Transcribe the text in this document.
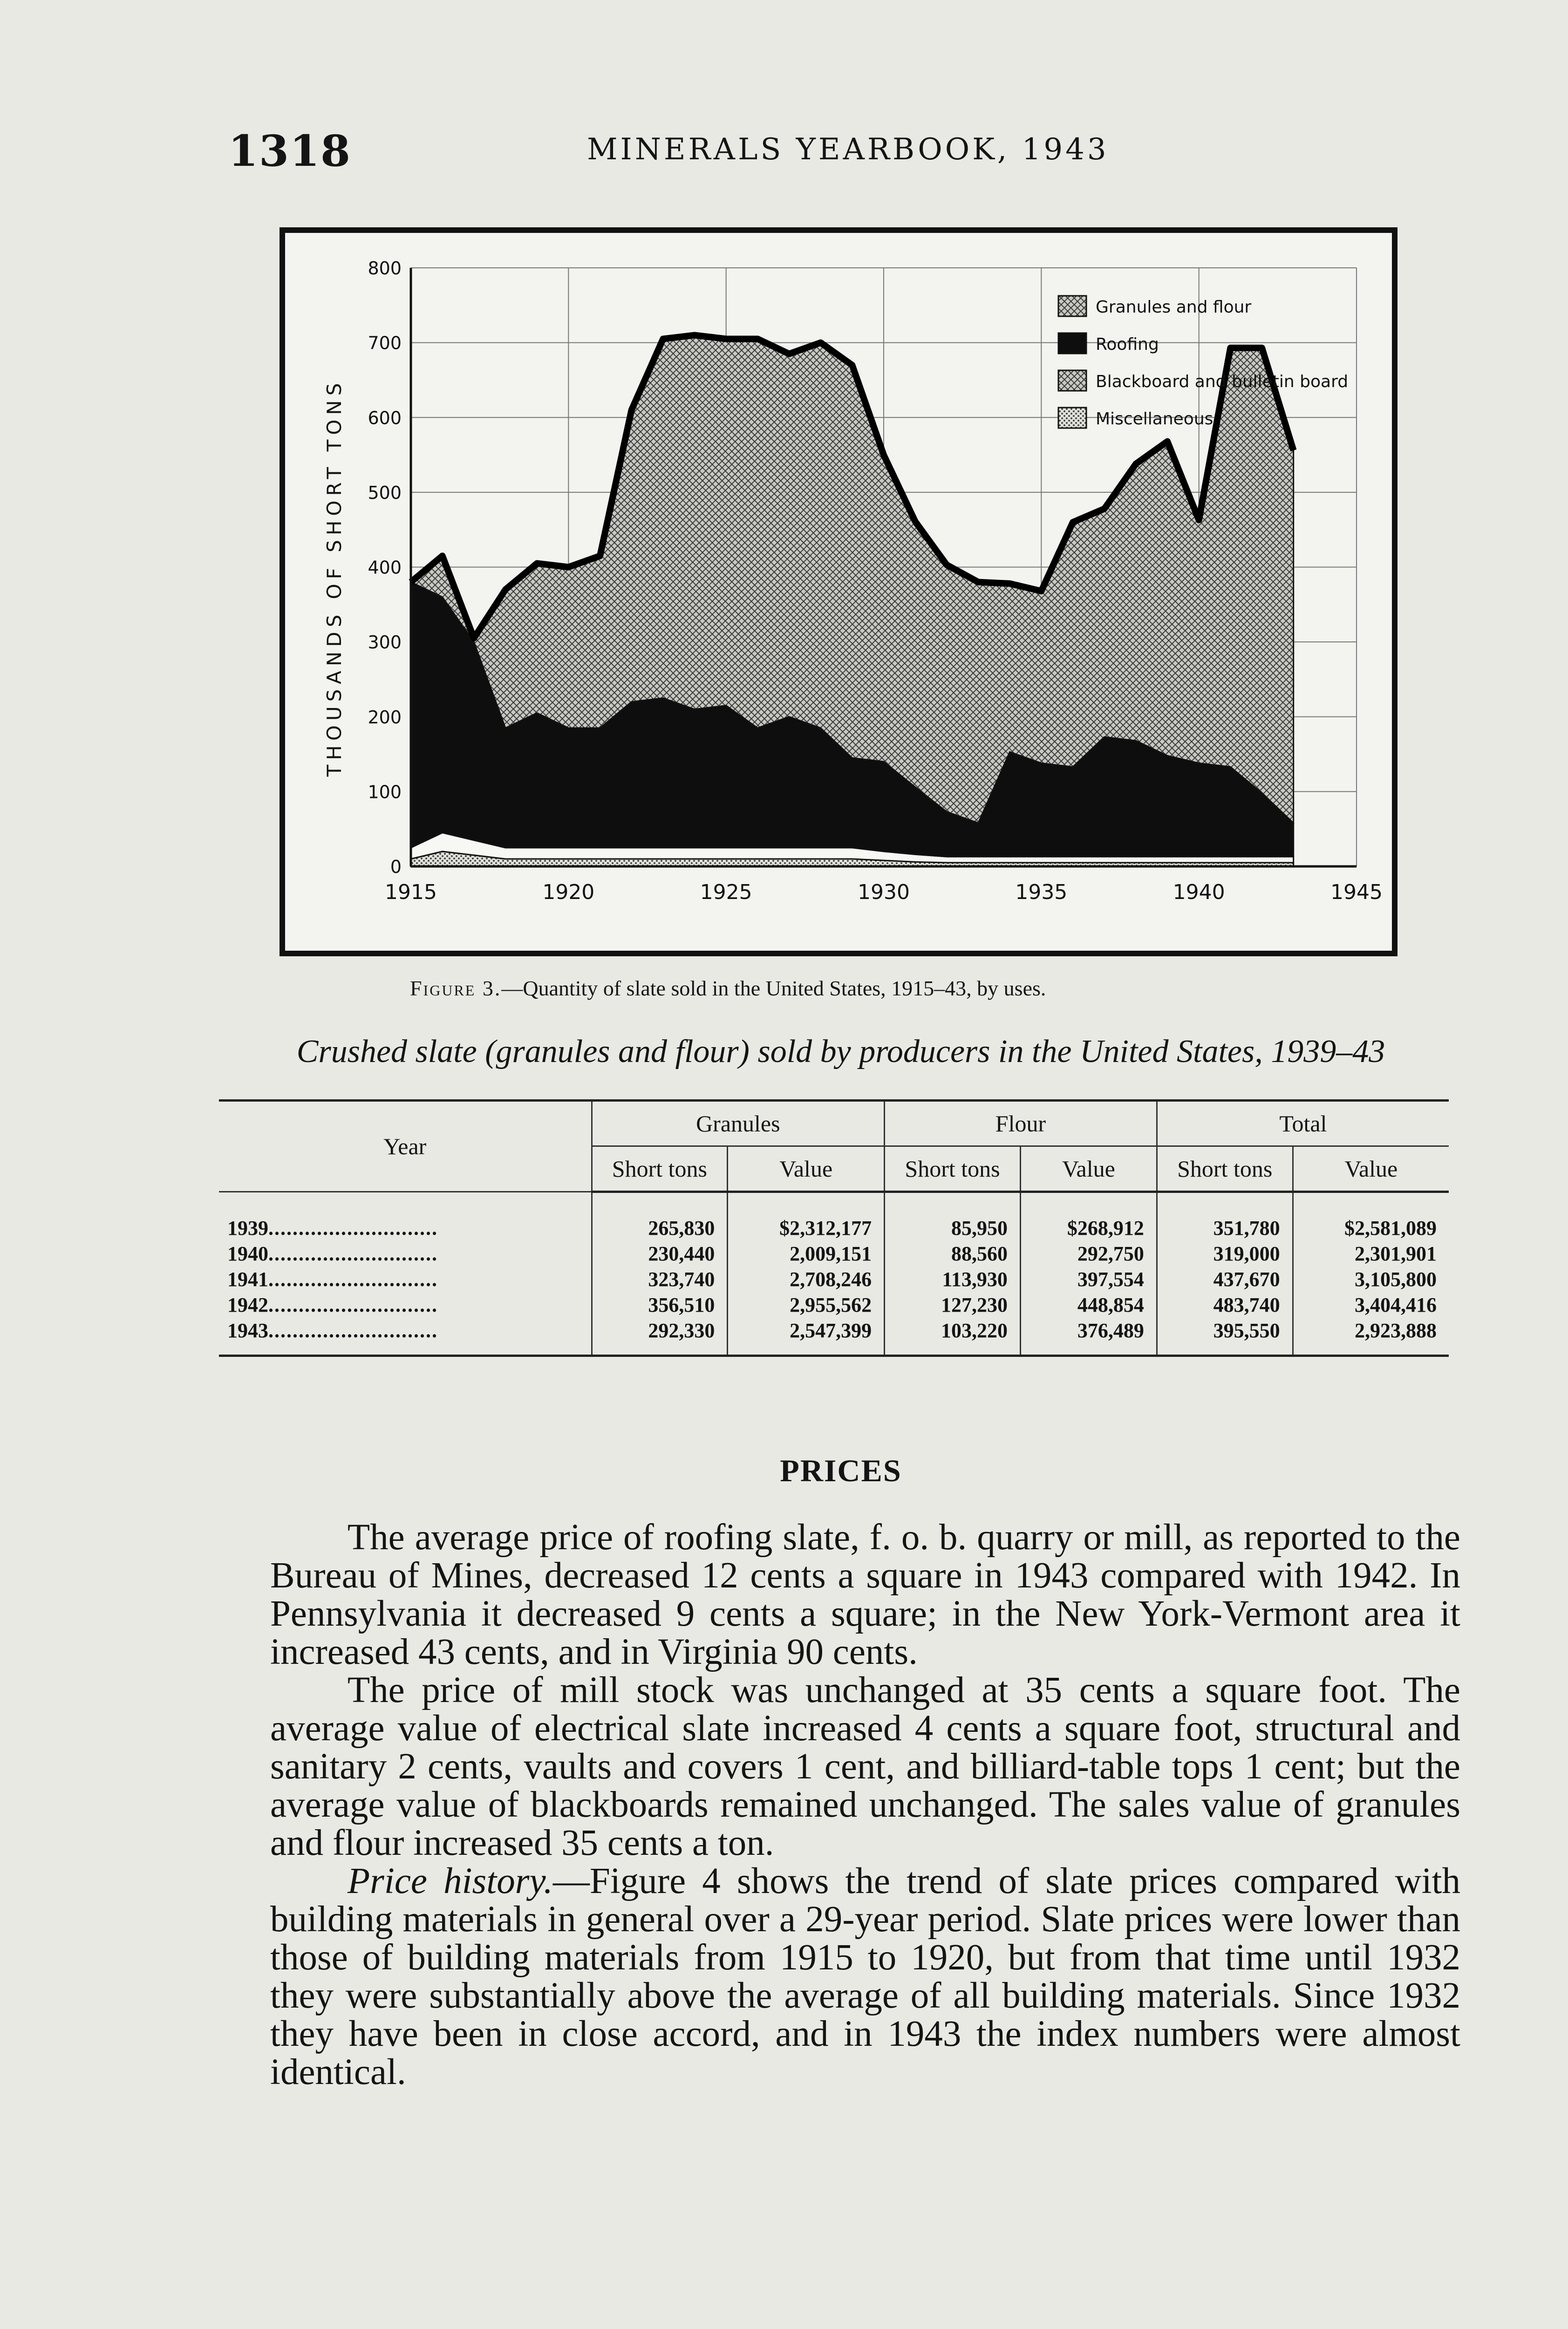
1318	MINERALS YEARBOOK, 1943
0
100
200
300
400
500
600
700
800
1915	1920	1925	1930	1935	1940	1945
THOUSANDS OF SHORT TONS
Granules and flour
Roofing
Blackboard and bulletin board
Miscellaneous
Figure 3.—Quantity of slate sold in the United States, 1915–43, by uses.
Crushed slate (granules and flour) sold by producers in the United States, 1939–43
Year	Granules		Flour		Total	
	Short tons	Value	Short tons	Value	Short tons	Value
1939............................	265,830	$2,312,177	85,950	$268,912	351,780	$2,581,089
1940............................	230,440	2,009,151	88,560	292,750	319,000	2,301,901
1941............................	323,740	2,708,246	113,930	397,554	437,670	3,105,800
1942............................	356,510	2,955,562	127,230	448,854	483,740	3,404,416
1943............................	292,330	2,547,399	103,220	376,489	395,550	2,923,888
PRICES

The average price of roofing slate, f. o. b. quarry or mill, as reported to the Bureau of Mines, decreased 12 cents a square in 1943 compared with 1942. In Pennsylvania it decreased 9 cents a square; in the New York-Vermont area it increased 43 cents, and in Virginia 90 cents.

The price of mill stock was unchanged at 35 cents a square foot. The average value of electrical slate increased 4 cents a square foot, structural and sanitary 2 cents, vaults and covers 1 cent, and billiard-table tops 1 cent; but the average value of blackboards remained unchanged. The sales value of granules and flour increased 35 cents a ton.

Price history.—Figure 4 shows the trend of slate prices compared with building materials in general over a 29-year period. Slate prices were lower than those of building materials from 1915 to 1920, but from that time until 1932 they were substantially above the average of all building materials. Since 1932 they have been in close accord, and in 1943 the index numbers were almost identical.
